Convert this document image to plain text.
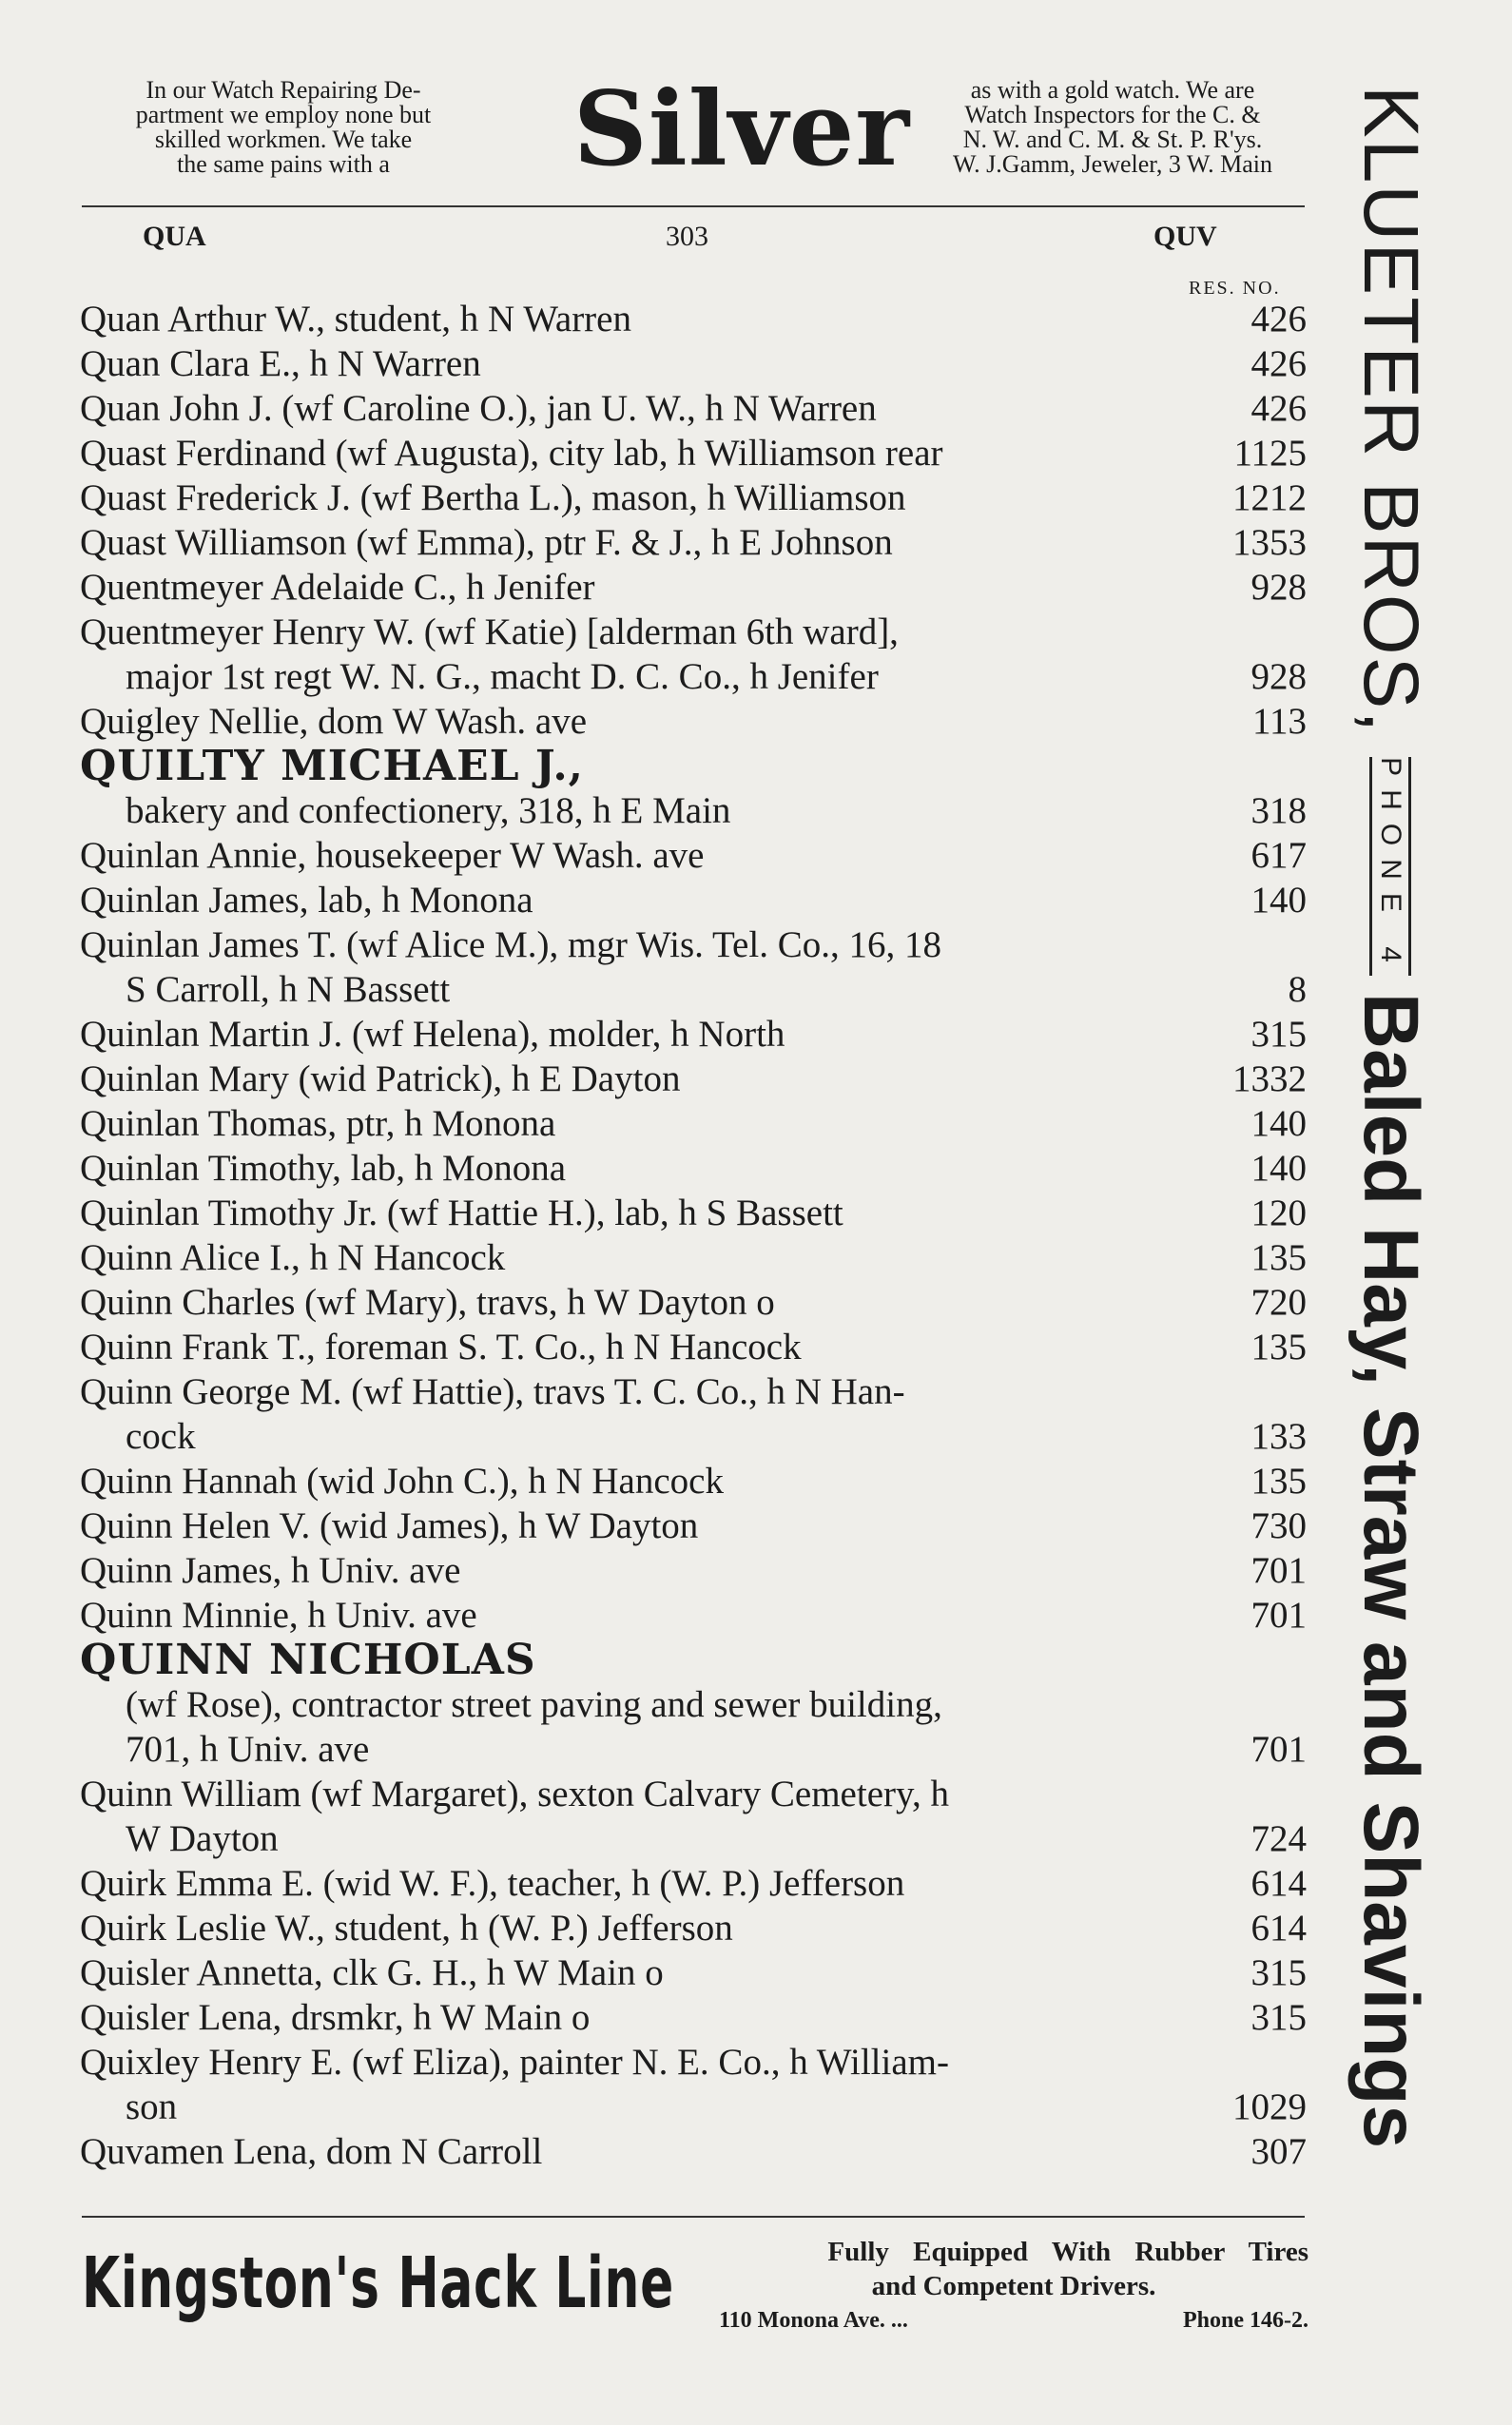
In our Watch Repairing De-
partment we employ none but
skilled workmen. We take
the same pains with a	Silver	as with a gold watch. We are
Watch Inspectors for the C. &
N. W. and C. M. & St. P. R'ys.
W. J.Gamm, Jeweler, 3 W. Main
QUA	303	QUV
RES. NO.
Quan Arthur W., student, h N Warren	426
Quan Clara E., h N Warren	426
Quan John J. (wf Caroline O.), jan U. W., h N Warren	426
Quast Ferdinand (wf Augusta), city lab, h Williamson rear	1125
Quast Frederick J. (wf Bertha L.), mason, h Williamson	1212
Quast Williamson (wf Emma), ptr F. & J., h E Johnson	1353
Quentmeyer Adelaide C., h Jenifer	928
Quentmeyer Henry W. (wf Katie) [alderman 6th ward],
major 1st regt W. N. G., macht D. C. Co., h Jenifer	928
Quigley Nellie, dom W Wash. ave	113
QUILTY MICHAEL J.,
bakery and confectionery, 318, h E Main	318
Quinlan Annie, housekeeper W Wash. ave	617
Quinlan James, lab, h Monona	140
Quinlan James T. (wf Alice M.), mgr Wis. Tel. Co., 16, 18
S Carroll, h N Bassett	8
Quinlan Martin J. (wf Helena), molder, h North	315
Quinlan Mary (wid Patrick), h E Dayton	1332
Quinlan Thomas, ptr, h Monona	140
Quinlan Timothy, lab, h Monona	140
Quinlan Timothy Jr. (wf Hattie H.), lab, h S Bassett	120
Quinn Alice I., h N Hancock	135
Quinn Charles (wf Mary), travs, h W Dayton o	720
Quinn Frank T., foreman S. T. Co., h N Hancock	135
Quinn George M. (wf Hattie), travs T. C. Co., h N Han-
cock	133
Quinn Hannah (wid John C.), h N Hancock	135
Quinn Helen V. (wid James), h W Dayton	730
Quinn James, h Univ. ave	701
Quinn Minnie, h Univ. ave	701
QUINN NICHOLAS
(wf Rose), contractor street paving and sewer building,
701, h Univ. ave	701
Quinn William (wf Margaret), sexton Calvary Cemetery, h
W Dayton	724
Quirk Emma E. (wid W. F.), teacher, h (W. P.) Jefferson	614
Quirk Leslie W., student, h (W. P.) Jefferson	614
Quisler Annetta, clk G. H., h W Main o	315
Quisler Lena, drsmkr, h W Main o	315
Quixley Henry E. (wf Eliza), painter N. E. Co., h William-
son	1029
Quvamen Lena, dom N Carroll	307
KLUETER BROS,
PHONE 4
Baled Hay, Straw and Shavings
Kingston's Hack Line	Fully Equipped With Rubber Tires
and Competent Drivers.
110 Monona Ave. ...	Phone 146-2.
